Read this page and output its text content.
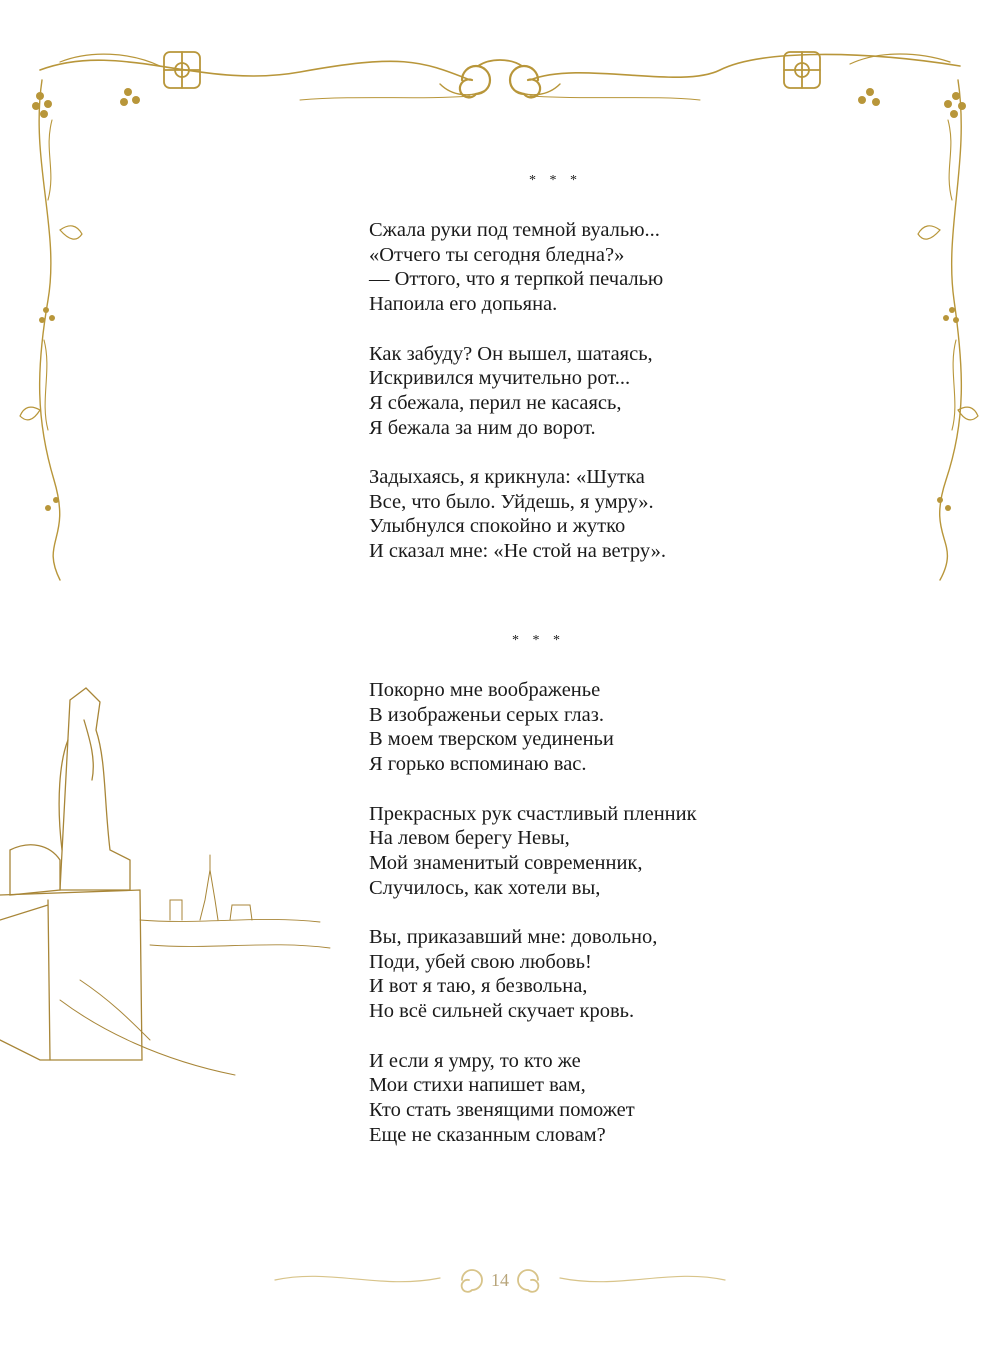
* * *
Сжала руки под темной вуалью...
«Отчего ты сегодня бледна?»
— Оттого, что я терпкой печалью
Напоила его допьяна.
Как забуду? Он вышел, шатаясь,
Искривился мучительно рот...
Я сбежала, перил не касаясь,
Я бежала за ним до ворот.
Задыхаясь, я крикнула: «Шутка
Все, что было. Уйдешь, я умру».
Улыбнулся спокойно и жутко
И сказал мне: «Не стой на ветру».
* * *
Покорно мне воображенье
В изображеньи серых глаз.
В моем тверском уединеньи
Я горько вспоминаю вас.
Прекрасных рук счастливый пленник
На левом берегу Невы,
Мой знаменитый современник,
Случилось, как хотели вы,
Вы, приказавший мне: довольно,
Поди, убей свою любовь!
И вот я таю, я безвольна,
Но всё сильней скучает кровь.
И если я умру, то кто же
Мои стихи напишет вам,
Кто стать звенящими поможет
Еще не сказанным словам?
14
